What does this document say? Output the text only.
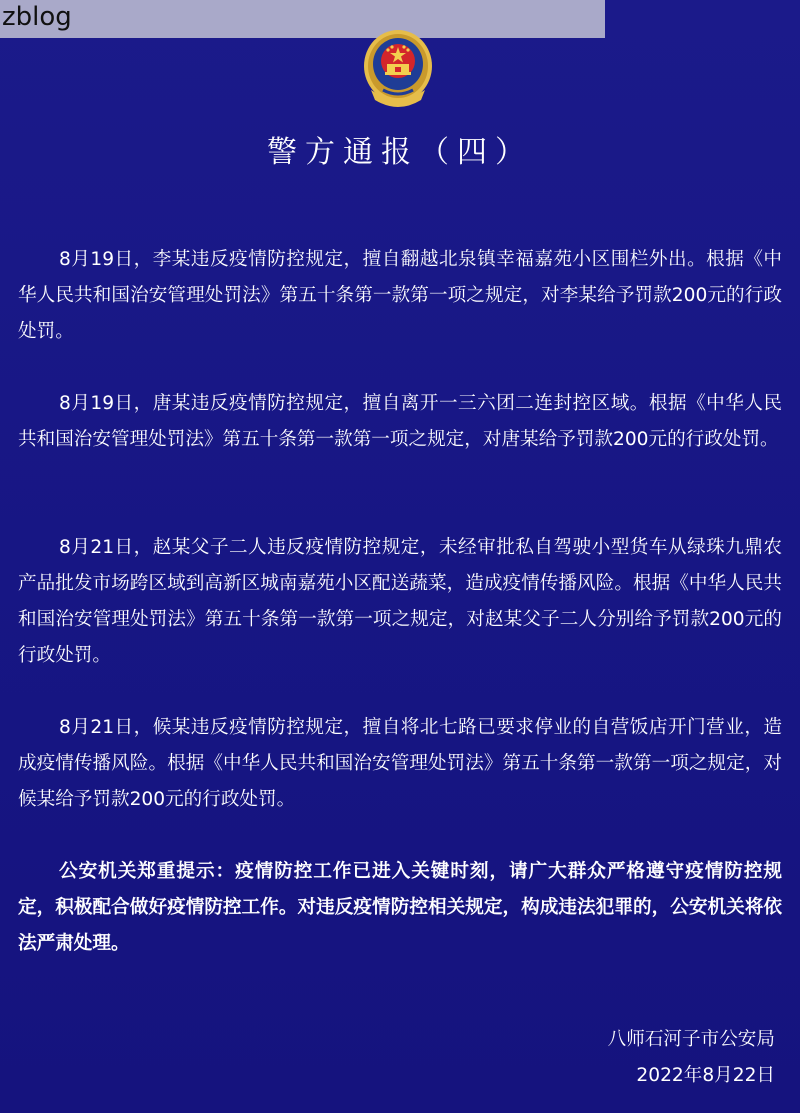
zblog
警方通报（四）
8月19日，李某违反疫情防控规定，擅自翻越北泉镇幸福嘉苑小区围栏外出。根据《中华人民共和国治安管理处罚法》第五十条第一款第一项之规定，对李某给予罚款200元的行政处罚。
8月19日，唐某违反疫情防控规定，擅自离开一三六团二连封控区域。根据《中华人民共和国治安管理处罚法》第五十条第一款第一项之规定，对唐某给予罚款200元的行政处罚。
8月21日，赵某父子二人违反疫情防控规定，未经审批私自驾驶小型货车从绿珠九鼎农产品批发市场跨区域到高新区城南嘉苑小区配送蔬菜，造成疫情传播风险。根据《中华人民共和国治安管理处罚法》第五十条第一款第一项之规定，对赵某父子二人分别给予罚款200元的行政处罚。
8月21日，候某违反疫情防控规定，擅自将北七路已要求停业的自营饭店开门营业，造成疫情传播风险。根据《中华人民共和国治安管理处罚法》第五十条第一款第一项之规定，对候某给予罚款200元的行政处罚。
公安机关郑重提示：疫情防控工作已进入关键时刻，请广大群众严格遵守疫情防控规定，积极配合做好疫情防控工作。对违反疫情防控相关规定，构成违法犯罪的，公安机关将依法严肃处理。
八师石河子市公安局
2022年8月22日
